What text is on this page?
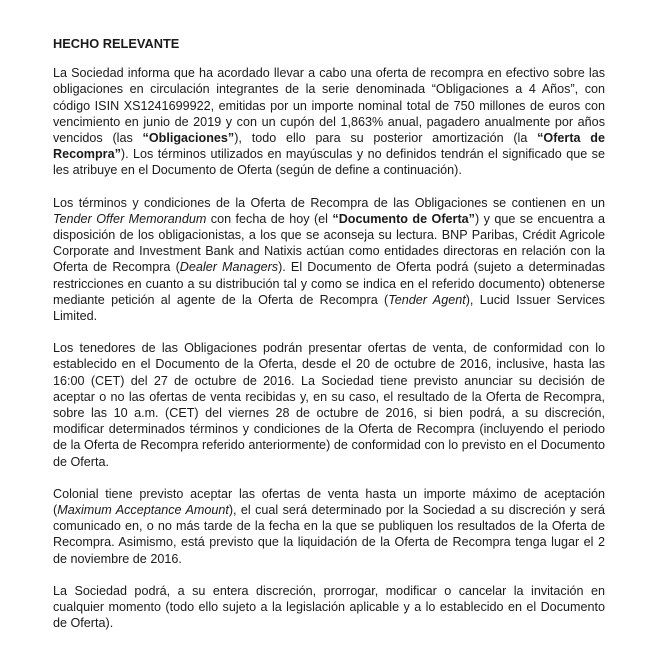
HECHO RELEVANTE

La Sociedad informa que ha acordado llevar a cabo una oferta de recompra en efectivo sobre las obligaciones en circulación integrantes de la serie denominada “Obligaciones a 4 Años”, con código ISIN XS1241699922, emitidas por un importe nominal total de 750 millones de euros con vencimiento en junio de 2019 y con un cupón del 1,863% anual, pagadero anualmente por años vencidos (las “Obligaciones”), todo ello para su posterior amortización (la “Oferta de Recompra”). Los términos utilizados en mayúsculas y no definidos tendrán el significado que se les atribuye en el Documento de Oferta (según de define a continuación).

Los términos y condiciones de la Oferta de Recompra de las Obligaciones se contienen en un Tender Offer Memorandum con fecha de hoy (el “Documento de Oferta”) y que se encuentra a disposición de los obligacionistas, a los que se aconseja su lectura. BNP Paribas, Crédit Agricole Corporate and Investment Bank and Natixis actúan como entidades directoras en relación con la Oferta de Recompra (Dealer Managers). El Documento de Oferta podrá (sujeto a determinadas restricciones en cuanto a su distribución tal y como se indica en el referido documento) obtenerse mediante petición al agente de la Oferta de Recompra (Tender Agent), Lucid Issuer Services Limited.

Los tenedores de las Obligaciones podrán presentar ofertas de venta, de conformidad con lo establecido en el Documento de la Oferta, desde el 20 de octubre de 2016, inclusive, hasta las 16:00 (CET) del 27 de octubre de 2016. La Sociedad tiene previsto anunciar su decisión de aceptar o no las ofertas de venta recibidas y, en su caso, el resultado de la Oferta de Recompra, sobre las 10 a.m. (CET) del viernes 28 de octubre de 2016, si bien podrá, a su discreción, modificar determinados términos y condiciones de la Oferta de Recompra (incluyendo el periodo de la Oferta de Recompra referido anteriormente) de conformidad con lo previsto en el Documento de Oferta.

Colonial tiene previsto aceptar las ofertas de venta hasta un importe máximo de aceptación (Maximum Acceptance Amount), el cual será determinado por la Sociedad a su discreción y será comunicado en, o no más tarde de la fecha en la que se publiquen los resultados de la Oferta de Recompra. Asimismo, está previsto que la liquidación de la Oferta de Recompra tenga lugar el 2 de noviembre de 2016.

La Sociedad podrá, a su entera discreción, prorrogar, modificar o cancelar la invitación en cualquier momento (todo ello sujeto a la legislación aplicable y a lo establecido en el Documento de Oferta).
